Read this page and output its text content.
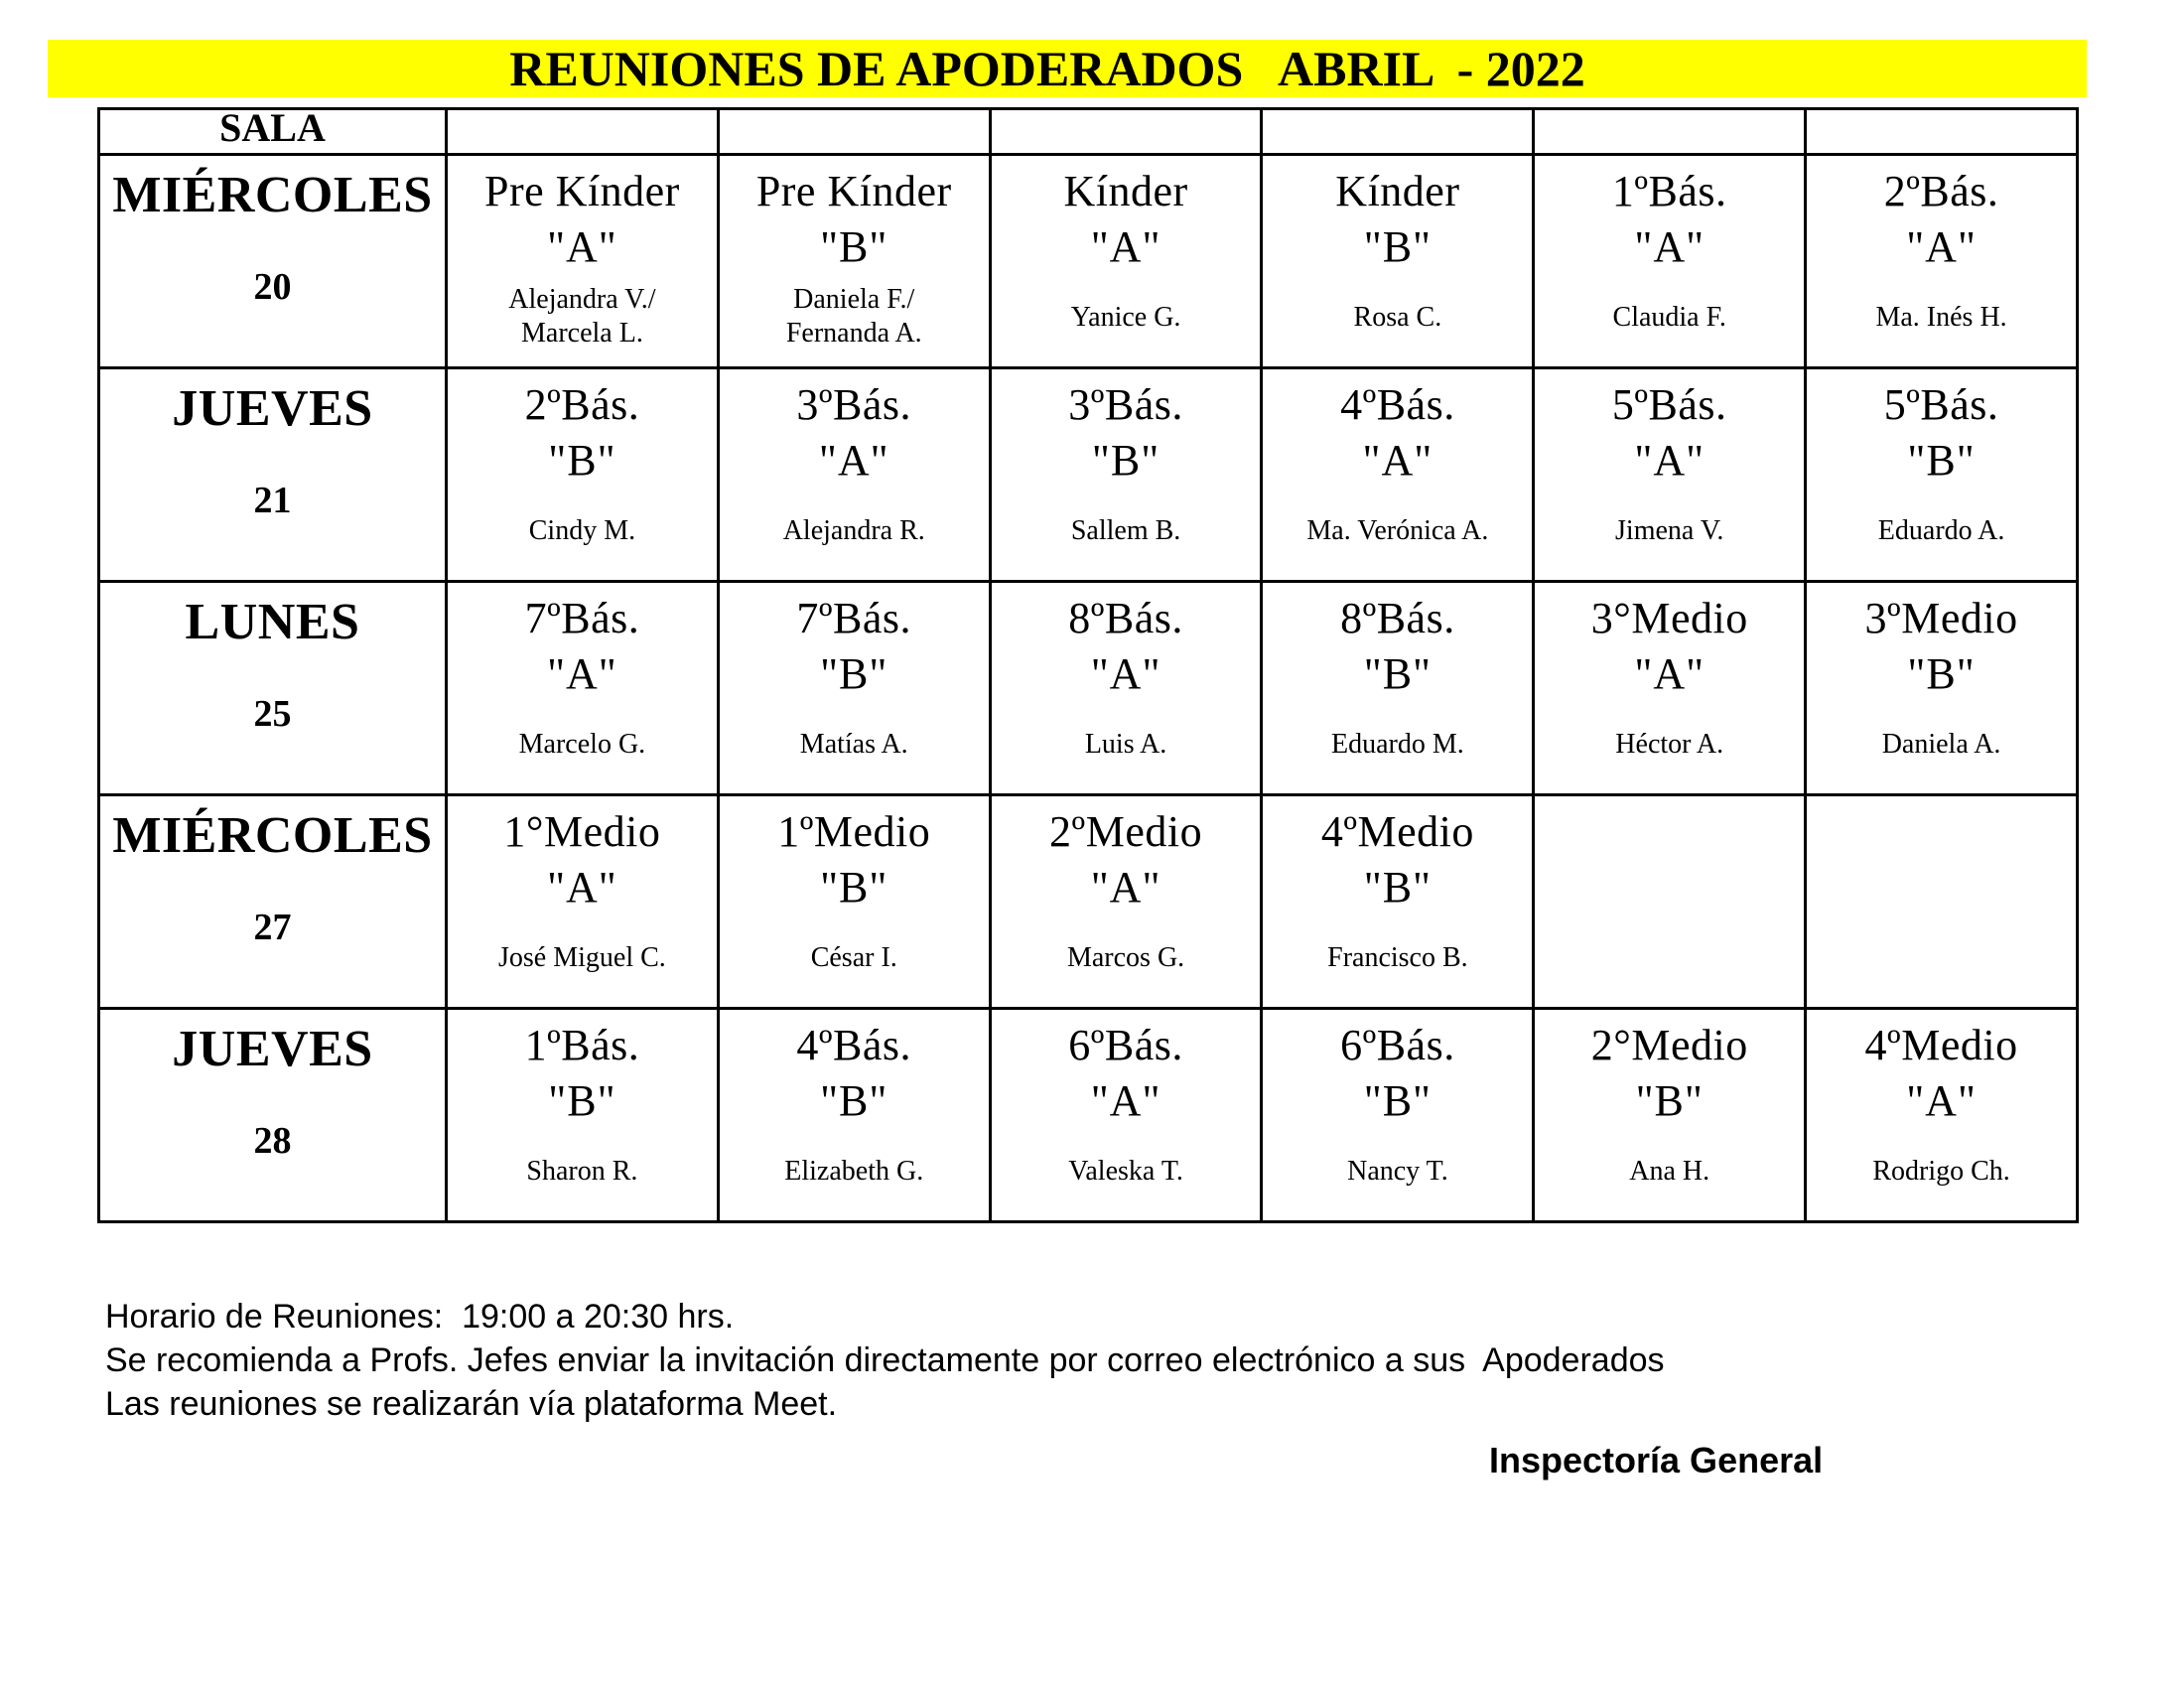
REUNIONES DE APODERADOS   ABRIL  - 2022
SALA						

MIÉRCOLES
20	Pre Kínder
"A"
Alejandra V./
Marcela L.	Pre Kínder
"B"
Daniela F./
Fernanda A.	Kínder
"A"
Yanice G.	Kínder
"B"
Rosa C.	1ºBás.
"A"
Claudia F.	2ºBás.
"A"
Ma. Inés H.

JUEVES
21	2ºBás.
"B"
Cindy M.	3ºBás.
"A"
Alejandra R.	3ºBás.
"B"
Sallem B.	4ºBás.
"A"
Ma. Verónica A.	5ºBás.
"A"
Jimena V.	5ºBás.
"B"
Eduardo A.

LUNES
25	7ºBás.
"A"
Marcelo G.	7ºBás.
"B"
Matías A.	8ºBás.
"A"
Luis A.	8ºBás.
"B"
Eduardo M.	3°Medio
"A"
Héctor A.	3ºMedio
"B"
Daniela A.

MIÉRCOLES
27	1°Medio
"A"
José Miguel C.	1ºMedio
"B"
César I.	2ºMedio
"A"
Marcos G.	4ºMedio
"B"
Francisco B.		

JUEVES
28	1ºBás.
"B"
Sharon R.	4ºBás.
"B"
Elizabeth G.	6ºBás.
"A"
Valeska T.	6ºBás.
"B"
Nancy T.	2°Medio
"B"
Ana H.	4ºMedio
"A"
Rodrigo Ch.
Horario de Reuniones:  19:00 a 20:30 hrs.
Se recomienda a Profs. Jefes enviar la invitación directamente por correo electrónico a sus  Apoderados
Las reuniones se realizarán vía plataforma Meet.
Inspectoría General
